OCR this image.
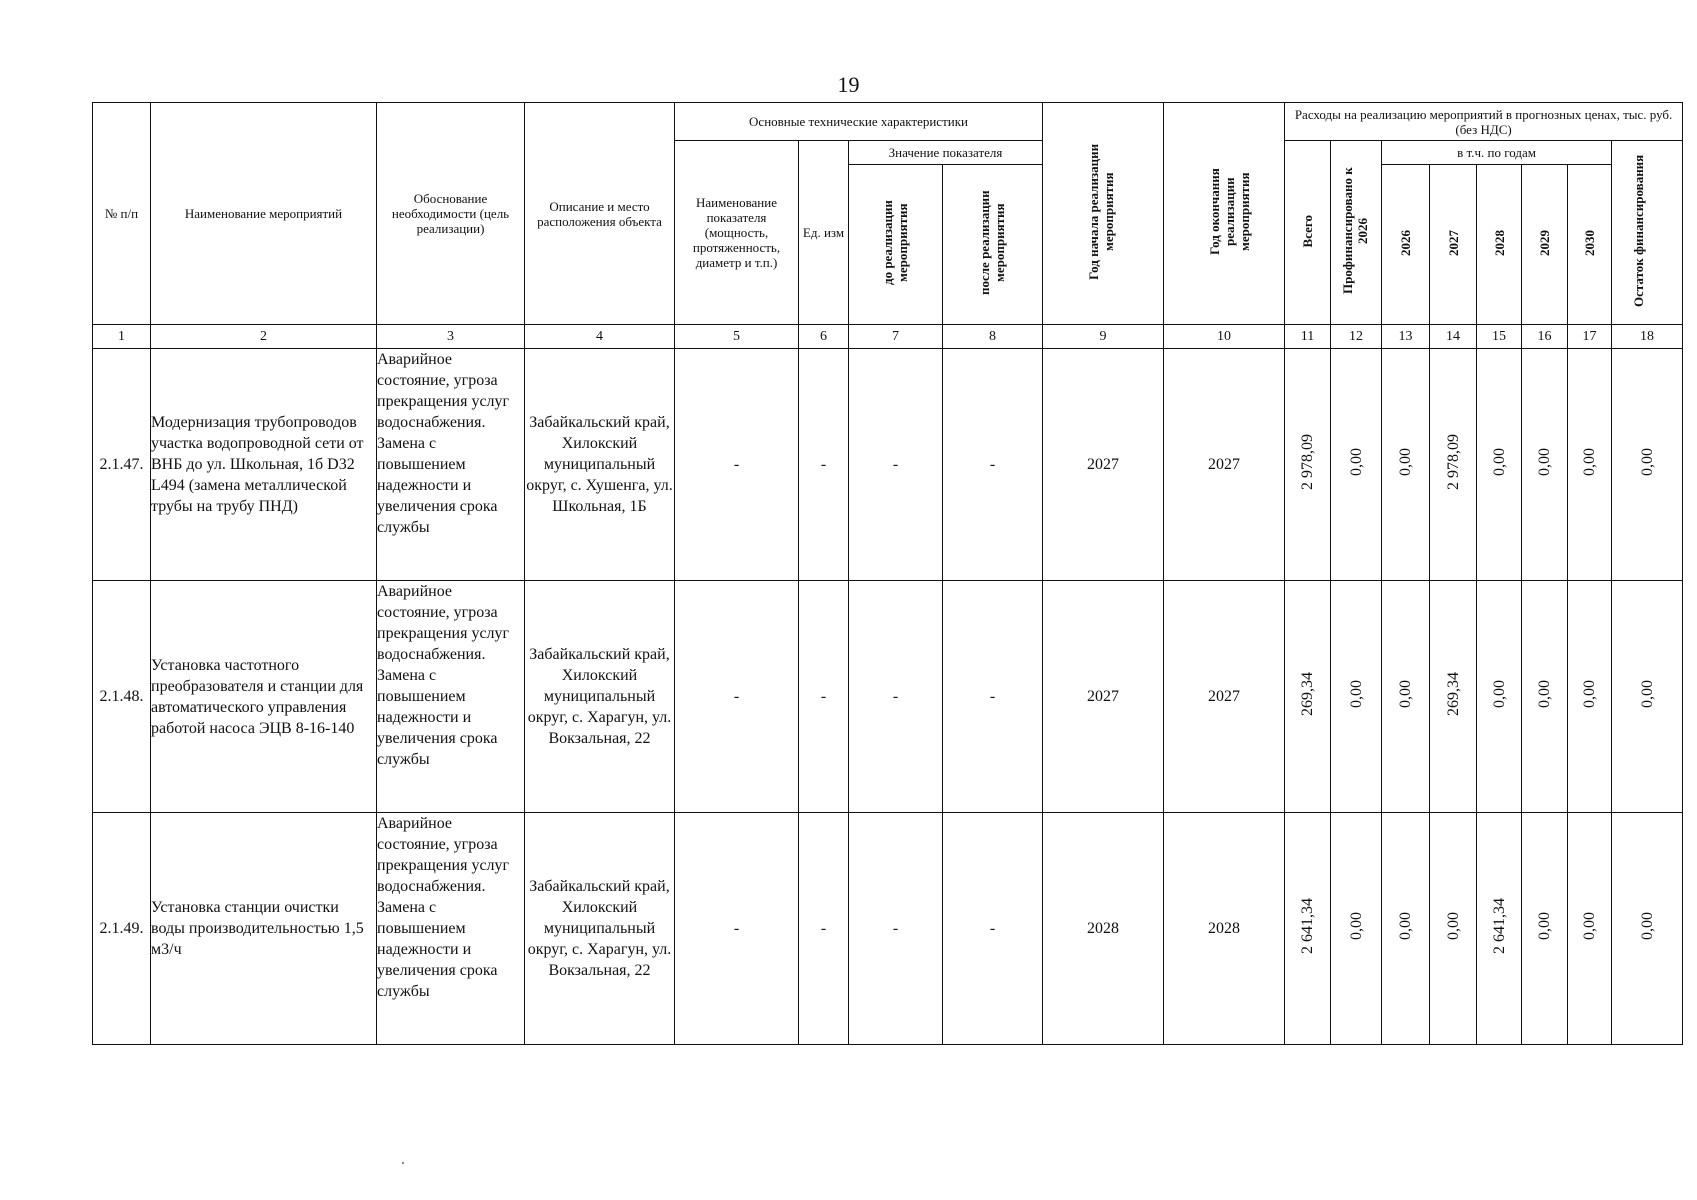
19
№ п/п	Наименование мероприятий	Обоснование необходимости (цель реализации)	Описание и место расположения объекта	Основные технические характеристики				Год начала реализации мероприятия	Год окончания реализации мероприятия	Расходы на реализацию мероприятий в прогнозных ценах, тыс. руб. (без НДС)							
				Наименование показателя (мощность, протяженность, диаметр и т.п.)	Ед. изм	Значение показателя				Всего	Профинансировано к 2026	в т.ч. по годам					Остаток финансирования
						до реализации мероприятия	после реализации мероприятия					2026	2027	2028	2029	2030	
1	2	3	4	5	6	7	8	9	10	11	12	13	14	15	16	17	18
2.1.47.	Модернизация трубопроводов участка водопроводной сети от ВНБ до ул. Школьная, 1б D32 L494 (замена металлической трубы на трубу ПНД)	Аварийное состояние, угроза прекращения услуг водоснабжения. Замена с повышением надежности и увеличения срока службы	Забайкальский край, Хилокский муниципальный округ, с. Хушенга, ул. Школьная, 1Б	-	-	-	-	2027	2027	2 978,09	0,00	0,00	2 978,09	0,00	0,00	0,00	0,00
2.1.48.	Установка частотного преобразователя и станции для автоматического управления работой насоса ЭЦВ 8-16-140	Аварийное состояние, угроза прекращения услуг водоснабжения. Замена с повышением надежности и увеличения срока службы	Забайкальский край, Хилокский муниципальный округ, с. Харагун, ул. Вокзальная, 22	-	-	-	-	2027	2027	269,34	0,00	0,00	269,34	0,00	0,00	0,00	0,00
2.1.49.	Установка станции очистки воды производительностью 1,5 м3/ч	Аварийное состояние, угроза прекращения услуг водоснабжения. Замена с повышением надежности и увеличения срока службы	Забайкальский край, Хилокский муниципальный округ, с. Харагун, ул. Вокзальная, 22	-	-	-	-	2028	2028	2 641,34	0,00	0,00	0,00	2 641,34	0,00	0,00	0,00
